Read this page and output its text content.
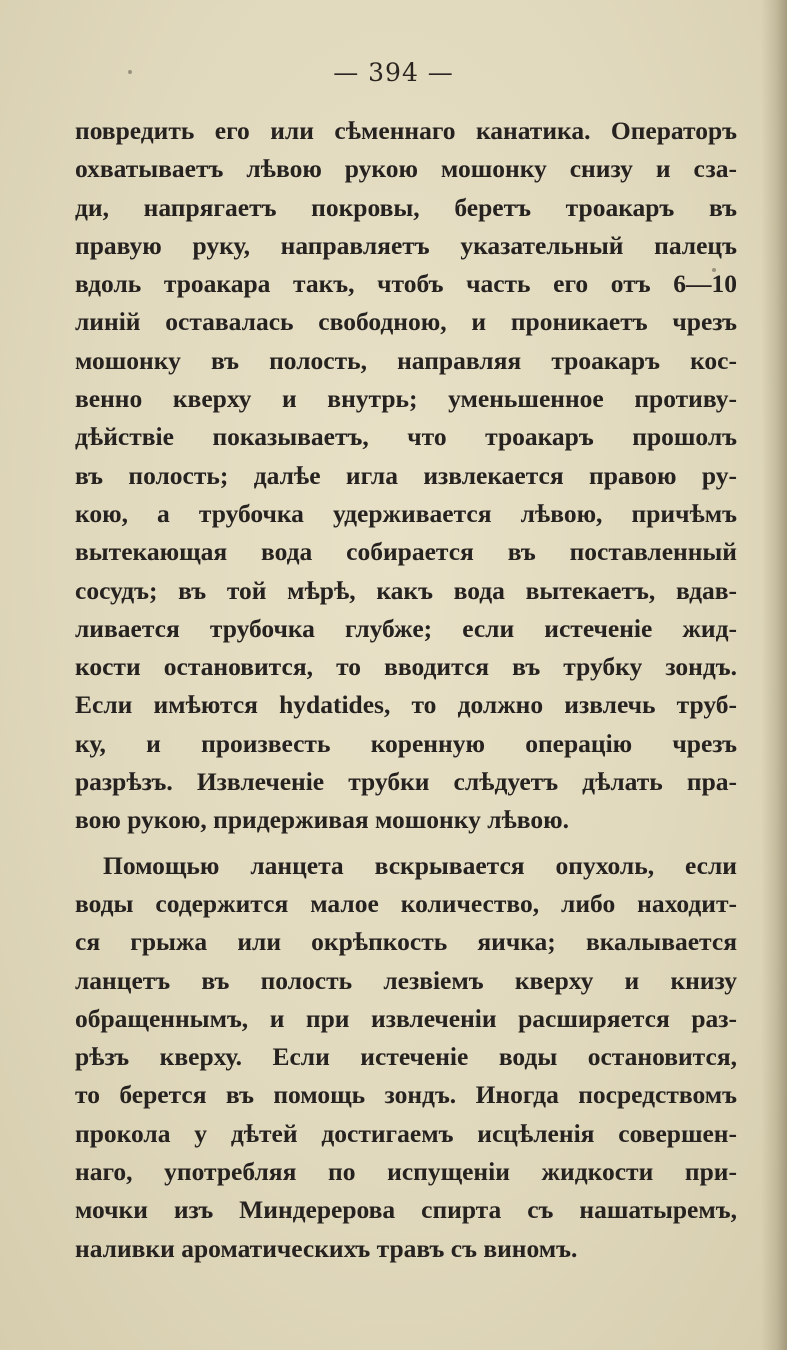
— 394 —
повредить его или сѣменнаго канатика. Операторъ
охватываетъ лѣвою рукою мошонку снизу и сза-
ди, напрягаетъ покровы, беретъ троакаръ въ
правую руку, направляетъ указательный палецъ
вдоль троакара такъ, чтобъ часть его отъ 6—10
линій оставалась свободною, и проникаетъ чрезъ
мошонку въ полость, направляя троакаръ кос-
венно кверху и внутрь; уменьшенное противу-
дѣйствіе показываетъ, что троакаръ прошолъ
въ полость; далѣе игла извлекается правою ру-
кою, а трубочка удерживается лѣвою, причѣмъ
вытекающая вода собирается въ поставленный
сосудъ; въ той мѣрѣ, какъ вода вытекаетъ, вдав-
ливается трубочка глубже; если истеченіе жид-
кости остановится, то вводится въ трубку зондъ.
Если имѣются hydatides, то должно извлечь труб-
ку, и произвесть коренную операцію чрезъ
разрѣзъ. Извлеченіе трубки слѣдуетъ дѣлать пра-
вою рукою, придерживая мошонку лѣвою.
Помощью ланцета вскрывается опухоль, если
воды содержится малое количество, либо находит-
ся грыжа или окрѣпкость яичка; вкалывается
ланцетъ въ полость лезвіемъ кверху и книзу
обращеннымъ, и при извлеченіи расширяется раз-
рѣзъ кверху. Если истеченіе воды остановится,
то берется въ помощь зондъ. Иногда посредствомъ
прокола у дѣтей достигаемъ исцѣленія совершен-
наго, употребляя по испущеніи жидкости при-
мочки изъ Миндерерова спирта съ нашатыремъ,
наливки ароматическихъ травъ съ виномъ.
